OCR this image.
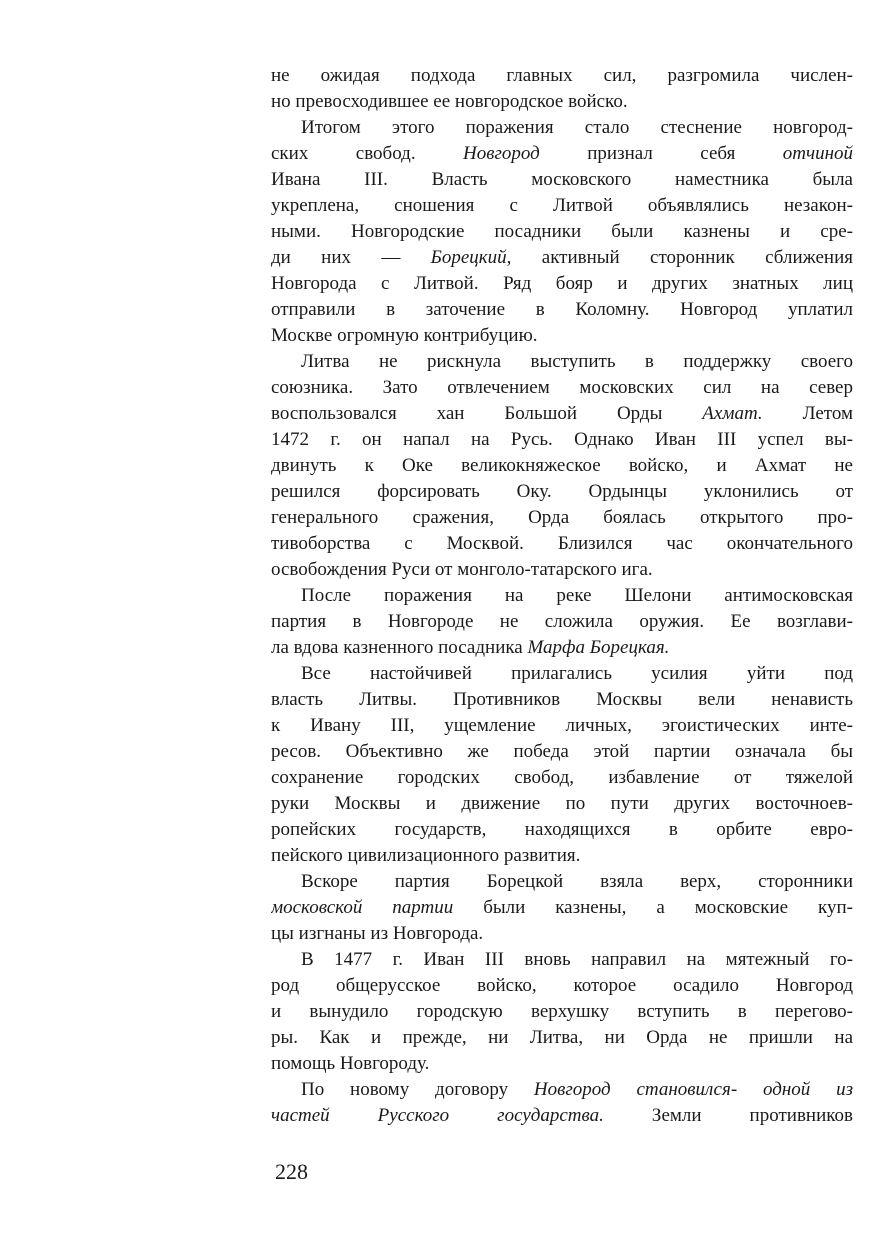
не ожидая подхода главных сил, разгромила числен-
но превосходившее ее новгородское войско.
Итогом этого поражения стало стеснение новгород-
ских свобод. Новгород признал себя отчиной
Ивана III. Власть московского наместника была
укреплена, сношения с Литвой объявлялись незакон-
ными. Новгородские посадники были казнены и сре-
ди них — Борецкий, активный сторонник сближения
Новгорода с Литвой. Ряд бояр и других знатных лиц
отправили в заточение в Коломну. Новгород уплатил
Москве огромную контрибуцию.
Литва не рискнула выступить в поддержку своего
союзника. Зато отвлечением московских сил на север
воспользовался хан Большой Орды Ахмат. Летом
1472 г. он напал на Русь. Однако Иван III успел вы-
двинуть к Оке великокняжеское войско, и Ахмат не
решился форсировать Оку. Ордынцы уклонились от
генерального сражения, Орда боялась открытого про-
тивоборства с Москвой. Близился час окончательного
освобождения Руси от монголо-татарского ига.
После поражения на реке Шелони антимосковская
партия в Новгороде не сложила оружия. Ее возглави-
ла вдова казненного посадника Марфа Борецкая.
Все настойчивей прилагались усилия уйти под
власть Литвы. Противников Москвы вели ненависть
к Ивану III, ущемление личных, эгоистических инте-
ресов. Объективно же победа этой партии означала бы
сохранение городских свобод, избавление от тяжелой
руки Москвы и движение по пути других восточноев-
ропейских государств, находящихся в орбите евро-
пейского цивилизационного развития.
Вскоре партия Борецкой взяла верх, сторонники
московской партии были казнены, а московские куп-
цы изгнаны из Новгорода.
В 1477 г. Иван III вновь направил на мятежный го-
род общерусское войско, которое осадило Новгород
и вынудило городскую верхушку вступить в перегово-
ры. Как и прежде, ни Литва, ни Орда не пришли на
помощь Новгороду.
По новому договору Новгород становился- одной из
частей Русского государства. Земли противников
228
